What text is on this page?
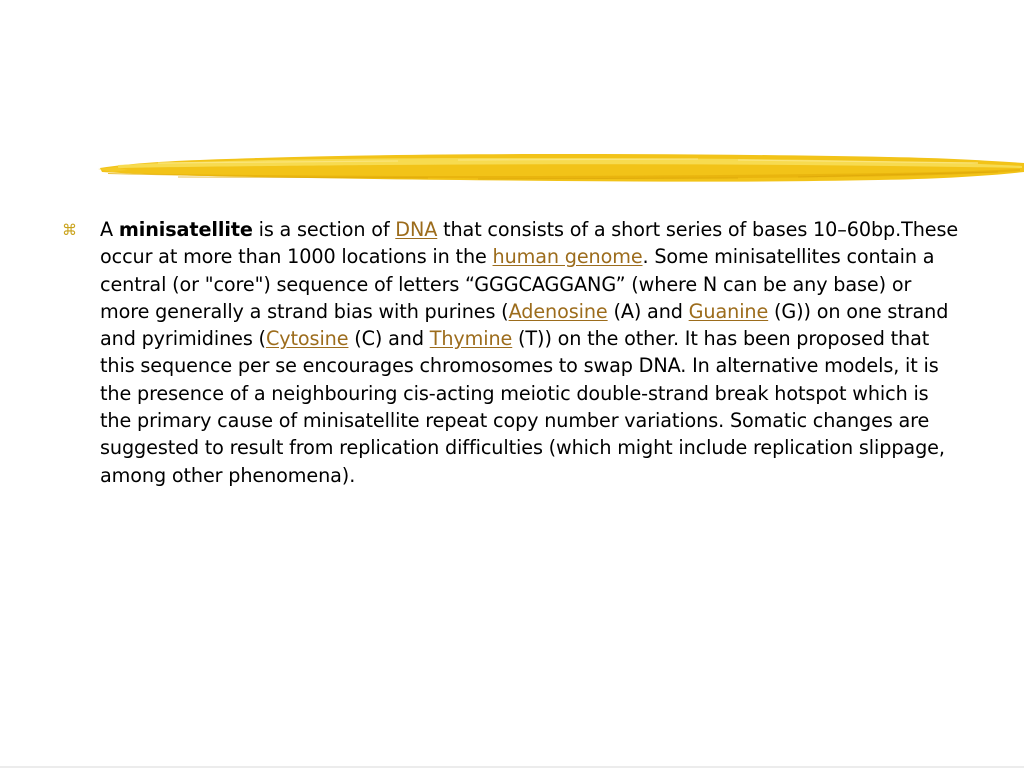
⌘ A minisatellite is a section of DNA that consists of a short series of bases 10–60bp.These occur at more than 1000 locations in the human genome. Some minisatellites contain a central (or "core") sequence of letters “GGGCAGGANG” (where N can be any base) or more generally a strand bias with purines (Adenosine (A) and Guanine (G)) on one strand and pyrimidines (Cytosine (C) and Thymine (T)) on the other. It has been proposed that this sequence per se encourages chromosomes to swap DNA. In alternative models, it is the presence of a neighbouring cis-acting meiotic double-strand break hotspot which is the primary cause of minisatellite repeat copy number variations. Somatic changes are suggested to result from replication difficulties (which might include replication slippage, among other phenomena).
